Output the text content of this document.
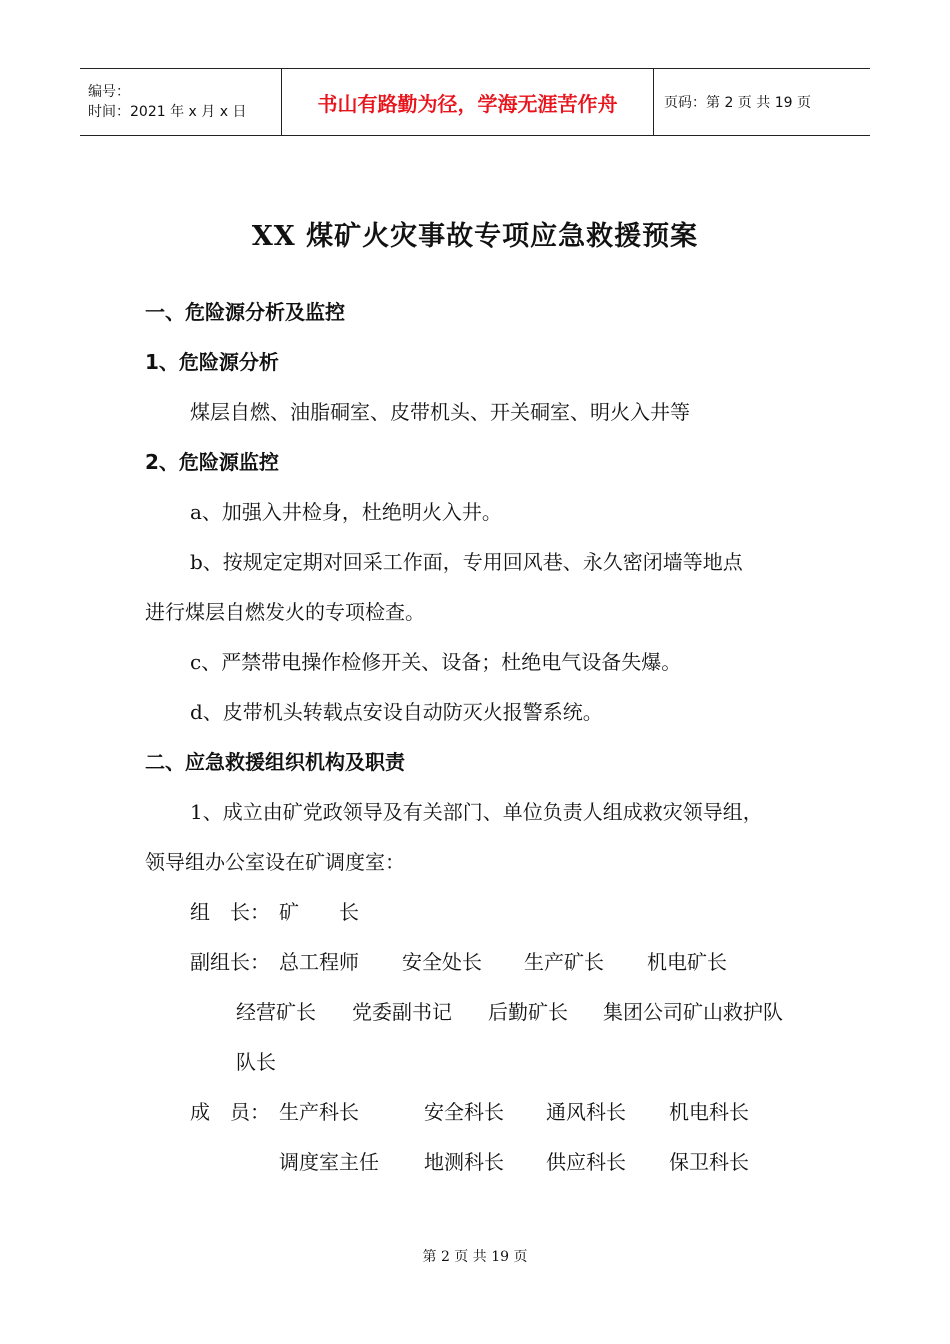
编号：
时间：2021 年 x 月 x 日	书山有路勤为径，学海无涯苦作舟	页码：第 2 页 共 19 页
XX 煤矿火灾事故专项应急救援预案
一、危险源分析及监控
1、危险源分析
煤层自燃、油脂硐室、皮带机头、开关硐室、明火入井等
2、危险源监控
a、加强入井检身，杜绝明火入井。
b、按规定定期对回采工作面，专用回风巷、永久密闭墙等地点
进行煤层自燃发火的专项检查。
c、严禁带电操作检修开关、设备；杜绝电气设备失爆。
d、皮带机头转载点安设自动防灭火报警系统。
二、应急救援组织机构及职责
1、成立由矿党政领导及有关部门、单位负责人组成救灾领导组，
领导组办公室设在矿调度室：
组　长： 矿　　长
副组长： 总工程师 安全处长 生产矿长 机电矿长
经营矿长 党委副书记 后勤矿长 集团公司矿山救护队
队长
成　员： 生产科长	安全科长 通风科长 机电科长
调度室主任 地测科长 供应科长 保卫科长
第 2 页 共 19 页
